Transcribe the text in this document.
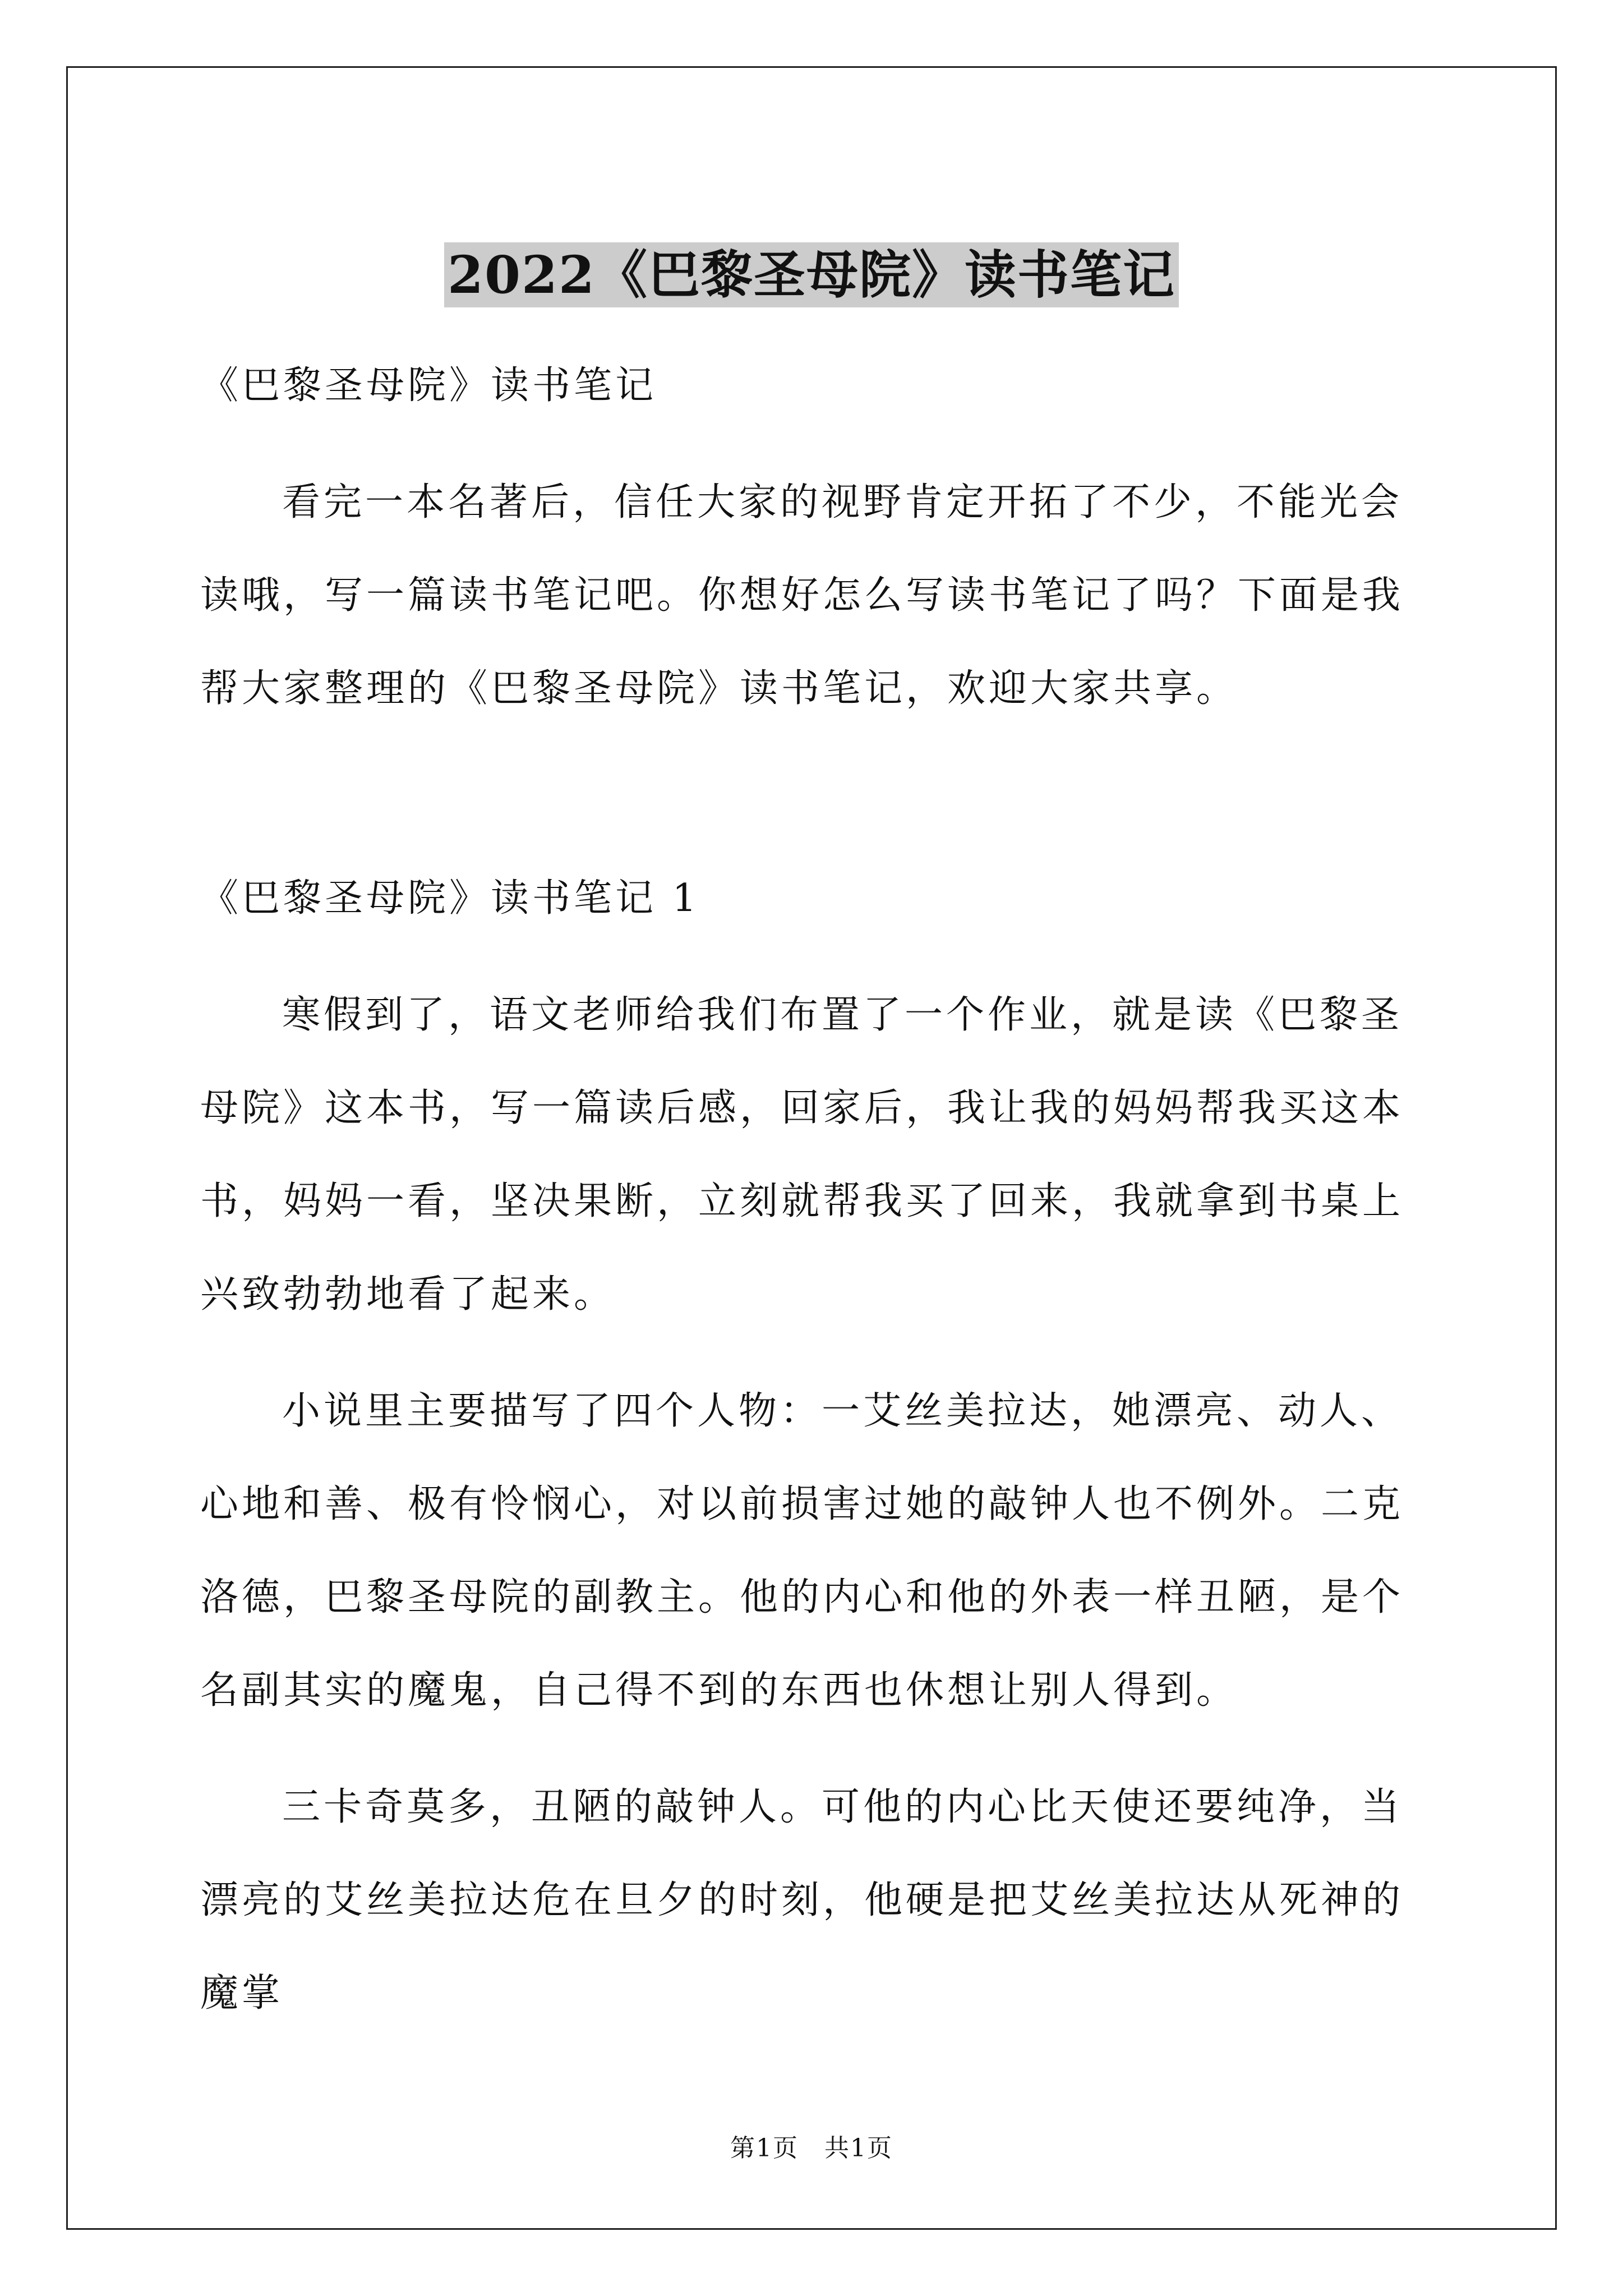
2022《巴黎圣母院》读书笔记

《巴黎圣母院》读书笔记

看完一本名著后，信任大家的视野肯定开拓了不少，不能光会读哦，写一篇读书笔记吧。你想好怎么写读书笔记了吗？下面是我帮大家整理的《巴黎圣母院》读书笔记，欢迎大家共享。

《巴黎圣母院》读书笔记 1

寒假到了，语文老师给我们布置了一个作业，就是读《巴黎圣母院》这本书，写一篇读后感，回家后，我让我的妈妈帮我买这本书，妈妈一看，坚决果断，立刻就帮我买了回来，我就拿到书桌上兴致勃勃地看了起来。

小说里主要描写了四个人物：一艾丝美拉达，她漂亮、动人、心地和善、极有怜悯心，对以前损害过她的敲钟人也不例外。二克洛德，巴黎圣母院的副教主。他的内心和他的外表一样丑陋，是个名副其实的魔鬼，自己得不到的东西也休想让别人得到。

三卡奇莫多，丑陋的敲钟人。可他的内心比天使还要纯净，当漂亮的艾丝美拉达危在旦夕的时刻，他硬是把艾丝美拉达从死神的魔掌

第1页　共1页
